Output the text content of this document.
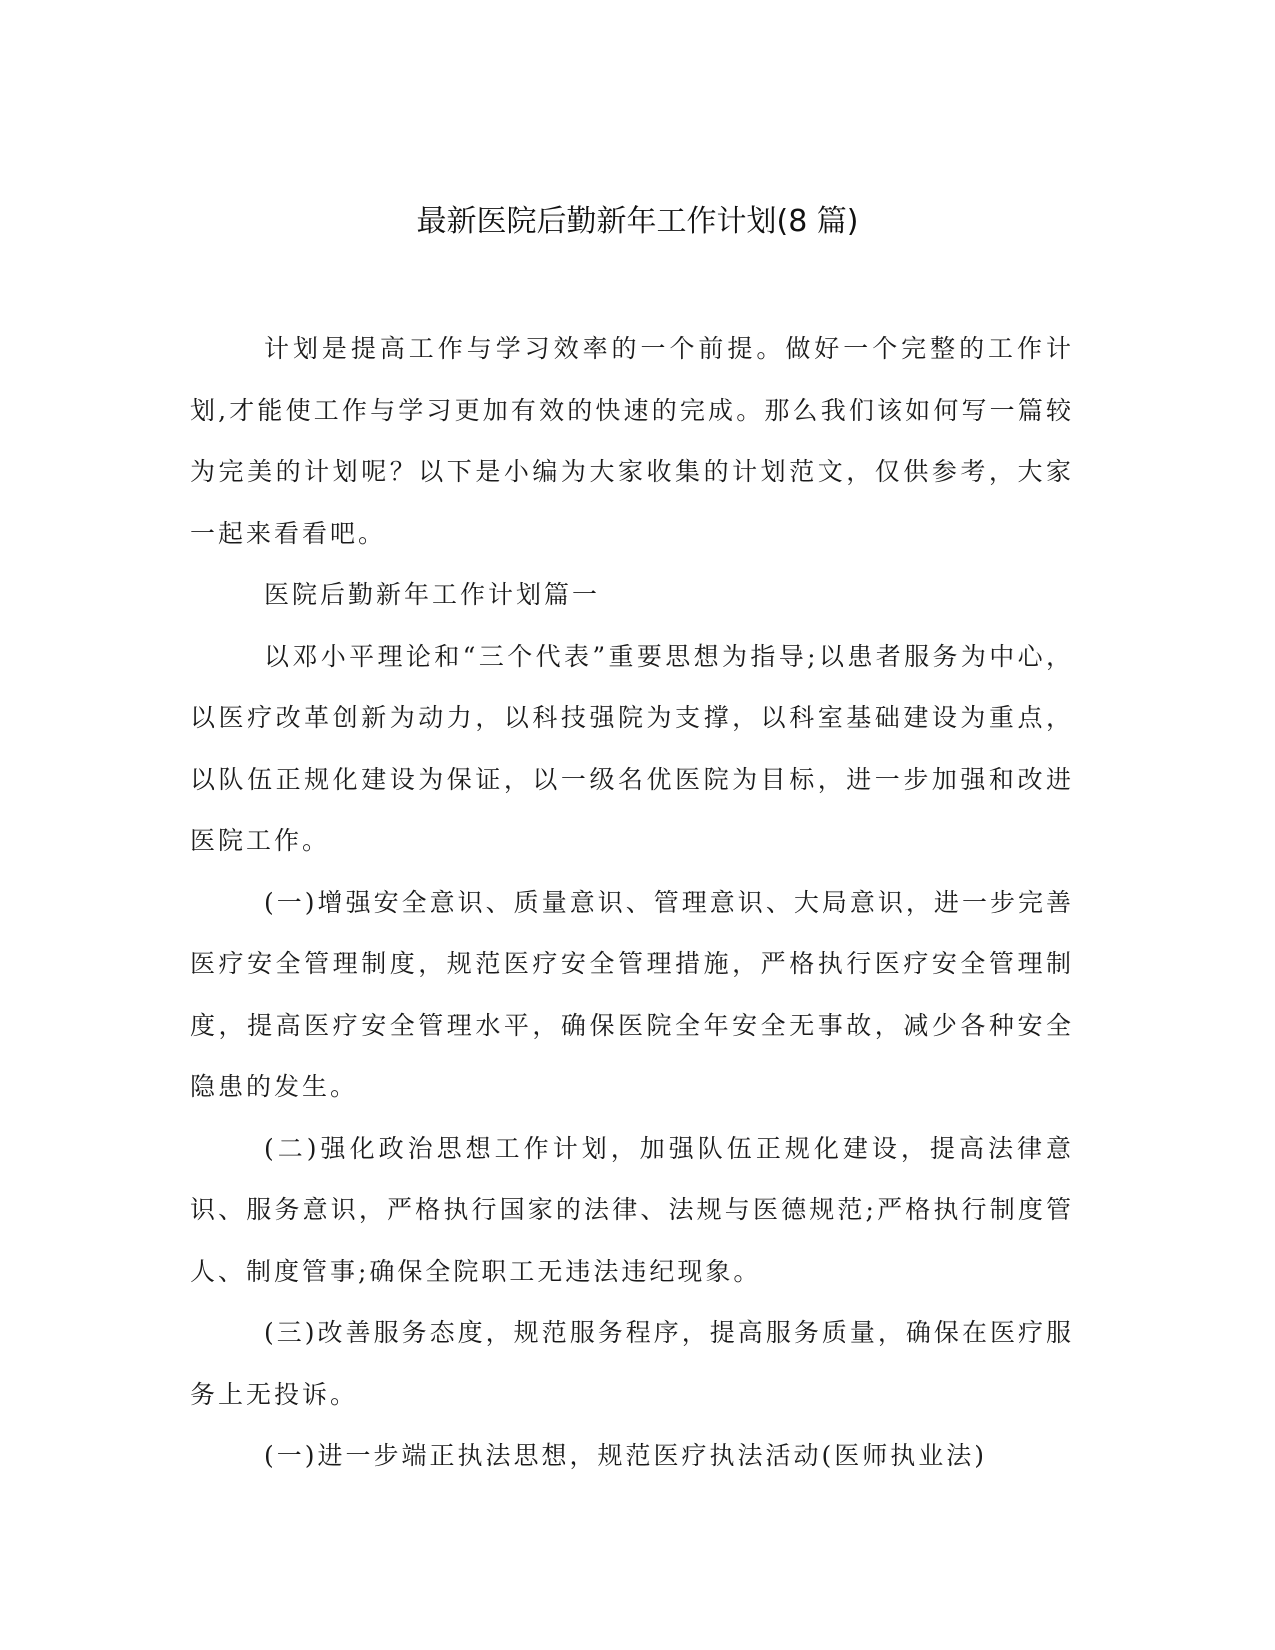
最新医院后勤新年工作计划(8 篇)

计划是提高工作与学习效率的一个前提。做好一个完整的工作计划,才能使工作与学习更加有效的快速的完成。那么我们该如何写一篇较为完美的计划呢？以下是小编为大家收集的计划范文，仅供参考，大家一起来看看吧。

医院后勤新年工作计划篇一

以邓小平理论和“三个代表”重要思想为指导;以患者服务为中心，以医疗改革创新为动力，以科技强院为支撑，以科室基础建设为重点，以队伍正规化建设为保证，以一级名优医院为目标，进一步加强和改进医院工作。

(一)增强安全意识、质量意识、管理意识、大局意识，进一步完善医疗安全管理制度，规范医疗安全管理措施，严格执行医疗安全管理制度，提高医疗安全管理水平，确保医院全年安全无事故，减少各种安全隐患的发生。

(二)强化政治思想工作计划，加强队伍正规化建设，提高法律意识、服务意识，严格执行国家的法律、法规与医德规范;严格执行制度管人、制度管事;确保全院职工无违法违纪现象。

(三)改善服务态度，规范服务程序，提高服务质量，确保在医疗服务上无投诉。

(一)进一步端正执法思想，规范医疗执法活动(医师执业法)
